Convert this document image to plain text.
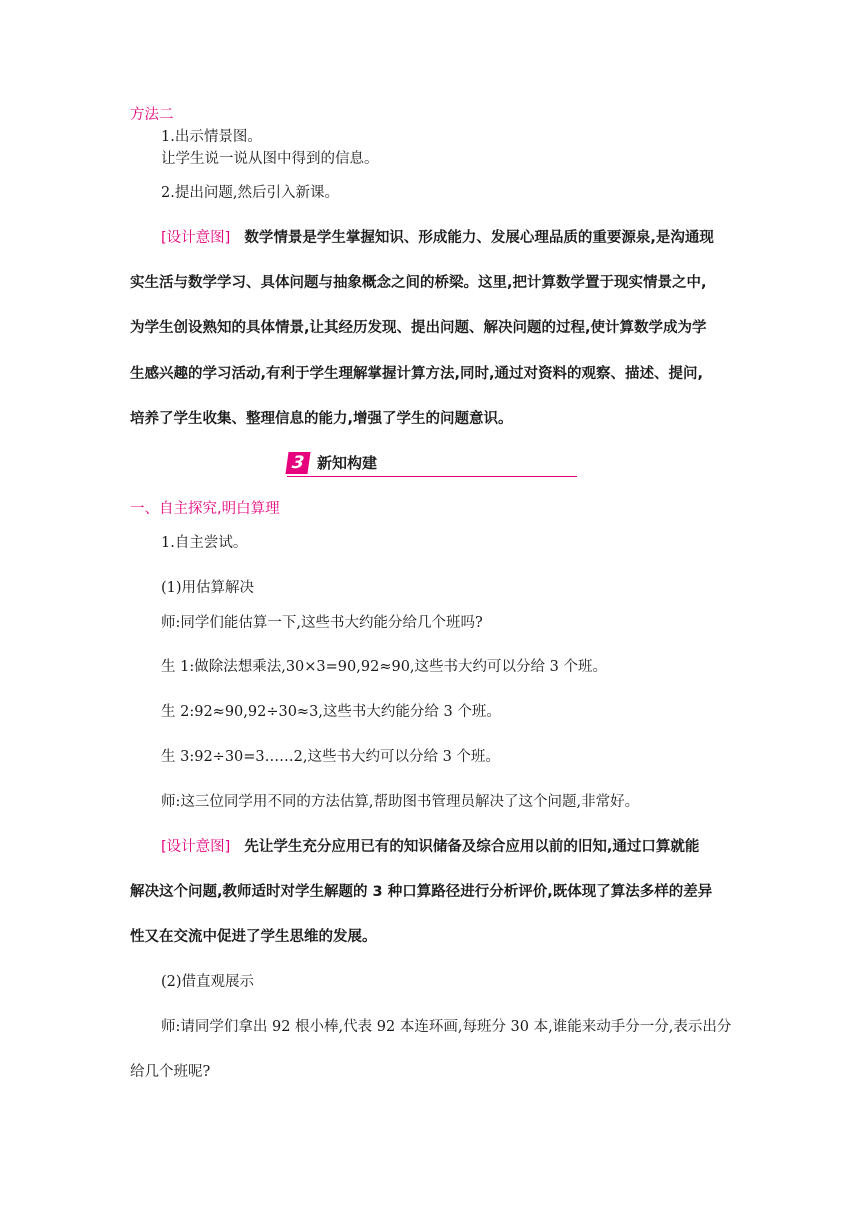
方法二
1.出示情景图。
让学生说一说从图中得到的信息。
2.提出问题,然后引入新课。
[设计意图] 数学情景是学生掌握知识、形成能力、发展心理品质的重要源泉,是沟通现
实生活与数学学习、具体问题与抽象概念之间的桥梁。这里,把计算数学置于现实情景之中,
为学生创设熟知的具体情景,让其经历发现、提出问题、解决问题的过程,使计算数学成为学
生感兴趣的学习活动,有利于学生理解掌握计算方法,同时,通过对资料的观察、描述、提问,
培养了学生收集、整理信息的能力,增强了学生的问题意识。
3 新知构建
一、自主探究,明白算理
1.自主尝试。
(1)用估算解决
师:同学们能估算一下,这些书大约能分给几个班吗?
生 1:做除法想乘法,30×3=90,92≈90,这些书大约可以分给 3 个班。
生 2:92≈90,92÷30≈3,这些书大约能分给 3 个班。
生 3:92÷30=3……2,这些书大约可以分给 3 个班。
师:这三位同学用不同的方法估算,帮助图书管理员解决了这个问题,非常好。
[设计意图] 先让学生充分应用已有的知识储备及综合应用以前的旧知,通过口算就能
解决这个问题,教师适时对学生解题的 3 种口算路径进行分析评价,既体现了算法多样的差异
性又在交流中促进了学生思维的发展。
(2)借直观展示
师:请同学们拿出 92 根小棒,代表 92 本连环画,每班分 30 本,谁能来动手分一分,表示出分
给几个班呢?
